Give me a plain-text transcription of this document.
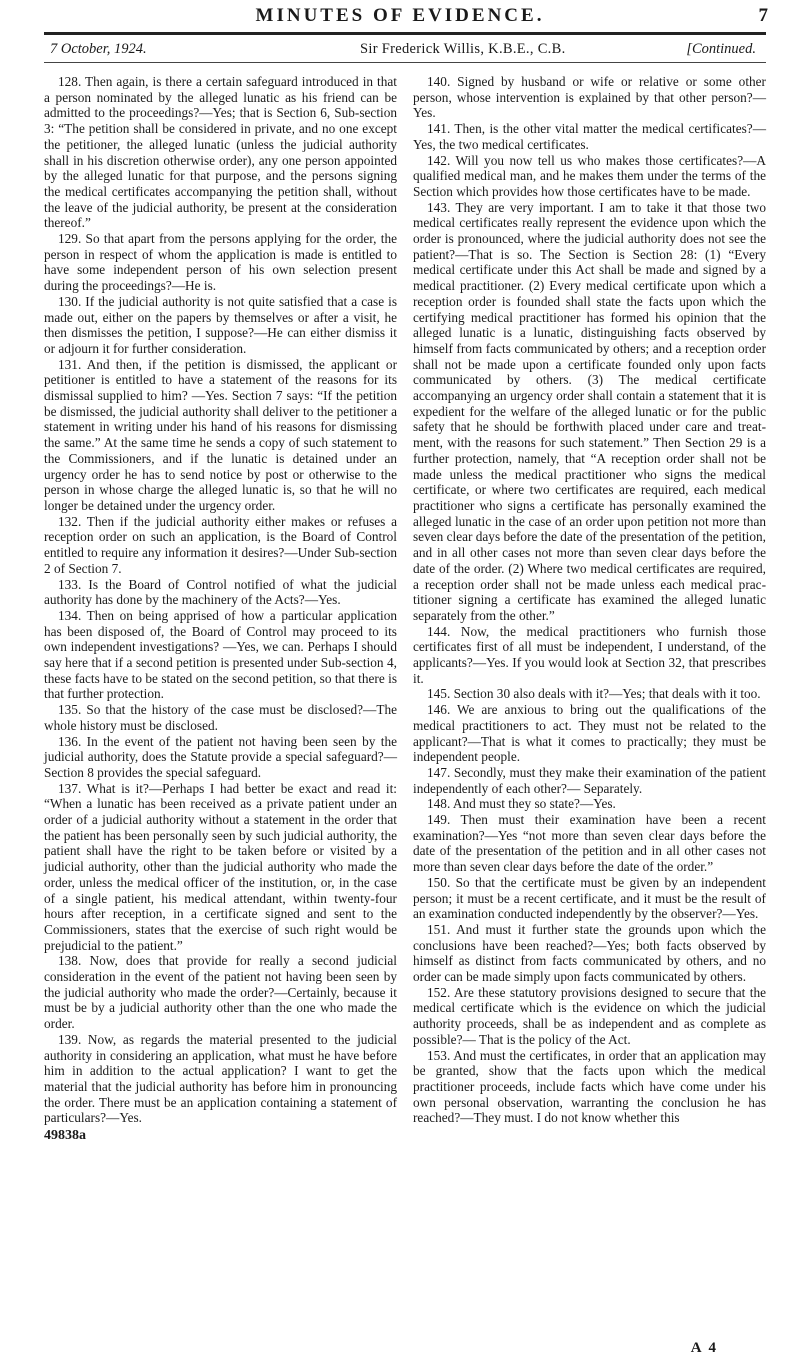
MINUTES OF EVIDENCE.	7
7 October, 1924.	Sir Frederick Willis, K.B.E., C.B.	[Continued.

128. Then again, is there a certain safeguard introduced in that a person nominated by the alleged lunatic as his friend can be admitted to the proceedings?—Yes; that is Section 6, Sub-section 3: “The petition shall be considered in private, and no one except the petitioner, the alleged lunatic (unless the judicial authority shall in his discretion otherwise order), any one person appointed by the alleged lunatic for that purpose, and the persons signing the medical certificates accompanying the petition shall, without the leave of the judicial authority, be present at the consideration thereof.”

129. So that apart from the persons applying for the order, the person in respect of whom the application is made is entitled to have some independent person of his own selection present during the proceedings?—He is.

130. If the judicial authority is not quite satisfied that a case is made out, either on the papers by themselves or after a visit, he then dismisses the petition, I suppose?—He can either dismiss it or adjourn it for further consideration.

131. And then, if the petition is dismissed, the applicant or petitioner is entitled to have a statement of the reasons for its dismissal supplied to him? —Yes. Section 7 says: “If the petition be dismissed, the judicial authority shall deliver to the petitioner a statement in writing under his hand of his reasons for dismissing the same.” At the same time he sends a copy of such statement to the Commissioners, and if the lunatic is detained under an urgency order he has to send notice by post or otherwise to the person in whose charge the alleged lunatic is, so that he will no longer be detained under the urgency order.

132. Then if the judicial authority either makes or refuses a reception order on such an application, is the Board of Control entitled to require any information it desires?—Under Sub-section 2 of Section 7.

133. Is the Board of Control notified of what the judicial authority has done by the machinery of the Acts?—Yes.

134. Then on being apprised of how a particular application has been disposed of, the Board of Control may proceed to its own independent investigations? —Yes, we can. Perhaps I should say here that if a second petition is presented under Sub-section 4, these facts have to be stated on the second petition, so that there is that further protection.

135. So that the history of the case must be disclosed?—The whole history must be disclosed.

136. In the event of the patient not having been seen by the judicial authority, does the Statute provide a special safeguard?—Section 8 provides the special safeguard.

137. What is it?—Perhaps I had better be exact and read it: “When a lunatic has been received as a private patient under an order of a judicial authority without a statement in the order that the patient has been personally seen by such judicial authority, the patient shall have the right to be taken before or visited by a judicial authority, other than the judicial authority who made the order, unless the medical officer of the institution, or, in the case of a single patient, his medical attendant, within twenty-four hours after reception, in a certificate signed and sent to the Commissioners, states that the exercise of such right would be prejudicial to the patient.”

138. Now, does that provide for really a second judicial consideration in the event of the patient not having been seen by the judicial authority who made the order?—Certainly, because it must be by a judicial authority other than the one who made the order.

139. Now, as regards the material presented to the judicial authority in considering an application, what must he have before him in addition to the actual application? I want to get the material that the judicial authority has before him in pronouncing the order. There must be an application containing a statement of particulars?—Yes.

49838a

140. Signed by husband or wife or relative or some other person, whose intervention is explained by that other person?—Yes.

141. Then, is the other vital matter the medical certificates?—Yes, the two medical certificates.

142. Will you now tell us who makes those certificates?—A qualified medical man, and he makes them under the terms of the Section which provides how those certificates have to be made.

143. They are very important. I am to take it that those two medical certificates really represent the evidence upon which the order is pronounced, where the judicial authority does not see the patient?—That is so. The Section is Section 28: (1) “Every medical certificate under this Act shall be made and signed by a medical practitioner. (2) Every medical certificate upon which a reception order is founded shall state the facts upon which the certifying medical practitioner has formed his opinion that the alleged lunatic is a lunatic, distinguishing facts observed by himself from facts communicated by others; and a reception order shall not be made upon a certificate founded only upon facts communicated by others. (3) The medical certificate accompanying an urgency order shall contain a statement that it is expedient for the welfare of the alleged lunatic or for the public safety that he should be forthwith placed under care and treatment, with the reasons for such statement.” Then Section 29 is a further protection, namely, that “A reception order shall not be made unless the medical practitioner who signs the medical certificate, or where two certificates are required, each medical practitioner who signs a certificate has personally examined the alleged lunatic in the case of an order upon petition not more than seven clear days before the date of the presentation of the petition, and in all other cases not more than seven clear days before the date of the order. (2) Where two medical certificates are required, a reception order shall not be made unless each medical practitioner signing a certificate has examined the alleged lunatic separately from the other.”

144. Now, the medical practitioners who furnish those certificates first of all must be independent, I understand, of the applicants?—Yes. If you would look at Section 32, that prescribes it.

145. Section 30 also deals with it?—Yes; that deals with it too.

146. We are anxious to bring out the qualifications of the medical practitioners to act. They must not be related to the applicant?—That is what it comes to practically; they must be independent people.

147. Secondly, must they make their examination of the patient independently of each other?— Separately.

148. And must they so state?—Yes.

149. Then must their examination have been a recent examination?—Yes “not more than seven clear days before the date of the presentation of the petition and in all other cases not more than seven clear days before the date of the order.”

150. So that the certificate must be given by an independent person; it must be a recent certificate, and it must be the result of an examination conducted independently by the observer?—Yes.

151. And must it further state the grounds upon which the conclusions have been reached?—Yes; both facts observed by himself as distinct from facts communicated by others, and no order can be made simply upon facts communicated by others.

152. Are these statutory provisions designed to secure that the medical certificate which is the evidence on which the judicial authority proceeds, shall be as independent and as complete as possible?— That is the policy of the Act.

153. And must the certificates, in order that an application may be granted, show that the facts upon which the medical practitioner proceeds, include facts which have come under his own personal observation, warranting the conclusion he has reached?—They must. I do not know whether this

A 4
